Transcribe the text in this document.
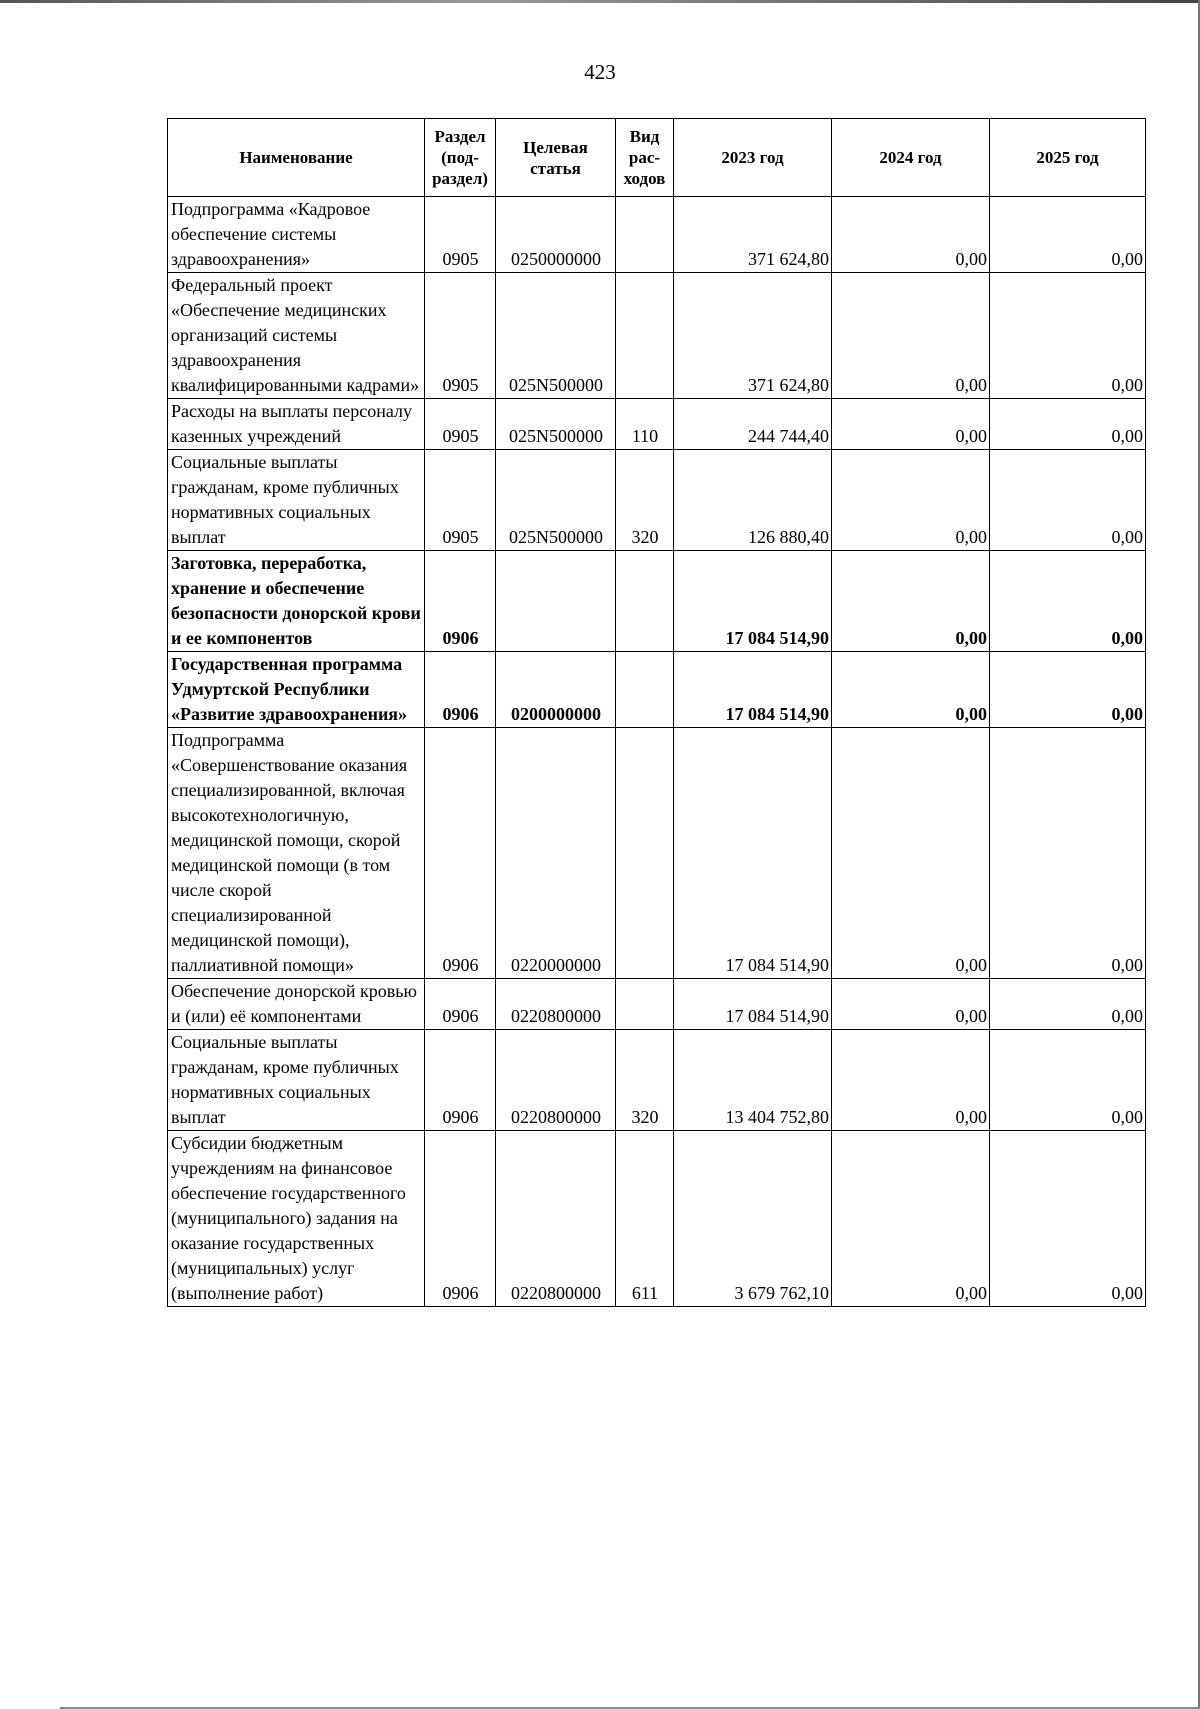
423
Наименование	Раздел (под-раздел)	Целевая статья	Вид рас-ходов	2023 год	2024 год	2025 год
Подпрограмма «Кадровое обеспечение системы здравоохранения»	0905	0250000000		371 624,80	0,00	0,00
Федеральный проект «Обеспечение медицинских организаций системы здравоохранения квалифицированными кадрами»	0905	025N500000		371 624,80	0,00	0,00
Расходы на выплаты персоналу казенных учреждений	0905	025N500000	110	244 744,40	0,00	0,00
Социальные выплаты гражданам, кроме публичных нормативных социальных выплат	0905	025N500000	320	126 880,40	0,00	0,00
Заготовка, переработка, хранение и обеспечение безопасности донорской крови и ее компонентов	0906			17 084 514,90	0,00	0,00
Государственная программа Удмуртской Республики «Развитие здравоохранения»	0906	0200000000		17 084 514,90	0,00	0,00
Подпрограмма «Совершенствование оказания специализированной, включая высокотехнологичную, медицинской помощи, скорой медицинской помощи (в том числе скорой специализированной медицинской помощи), паллиативной помощи»	0906	0220000000		17 084 514,90	0,00	0,00
Обеспечение донорской кровью и (или) её компонентами	0906	0220800000		17 084 514,90	0,00	0,00
Социальные выплаты гражданам, кроме публичных нормативных социальных выплат	0906	0220800000	320	13 404 752,80	0,00	0,00
Субсидии бюджетным учреждениям на финансовое обеспечение государственного (муниципального) задания на оказание государственных (муниципальных) услуг (выполнение работ)	0906	0220800000	611	3 679 762,10	0,00	0,00
